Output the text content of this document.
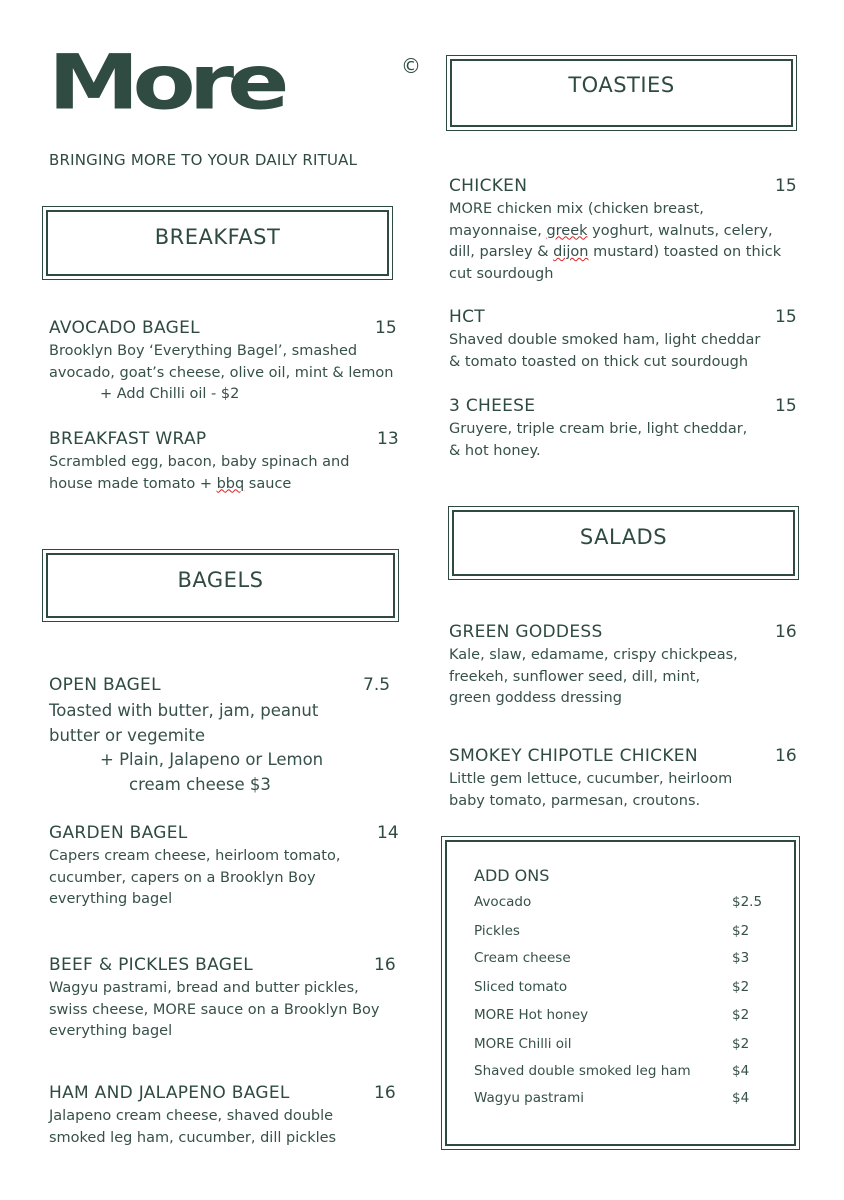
More	©
BRINGING MORE TO YOUR DAILY RITUAL
BREAKFAST
AVOCADO BAGEL	15
Brooklyn Boy ‘Everything Bagel’, smashed
avocado, goat’s cheese, olive oil, mint & lemon
+ Add Chilli oil - $2
BREAKFAST WRAP	13
Scrambled egg, bacon, baby spinach and
house made tomato + bbq sauce
BAGELS
OPEN BAGEL	7.5
Toasted with butter, jam, peanut
butter or vegemite
+ Plain, Jalapeno or Lemon
cream cheese $3
GARDEN BAGEL	14
Capers cream cheese, heirloom tomato,
cucumber, capers on a Brooklyn Boy
everything bagel
BEEF & PICKLES BAGEL	16
Wagyu pastrami, bread and butter pickles,
swiss cheese, MORE sauce on a Brooklyn Boy
everything bagel
HAM AND JALAPENO BAGEL	16
Jalapeno cream cheese, shaved double
smoked leg ham, cucumber, dill pickles
TOASTIES
CHICKEN	15
MORE chicken mix (chicken breast,
mayonnaise, greek yoghurt, walnuts, celery,
dill, parsley & dijon mustard) toasted on thick
cut sourdough
HCT	15
Shaved double smoked ham, light cheddar
& tomato toasted on thick cut sourdough
3 CHEESE	15
Gruyere, triple cream brie, light cheddar,
& hot honey.
SALADS
GREEN GODDESS	16
Kale, slaw, edamame, crispy chickpeas,
freekeh, sunflower seed, dill, mint,
green goddess dressing
SMOKEY CHIPOTLE CHICKEN	16
Little gem lettuce, cucumber, heirloom
baby tomato, parmesan, croutons.
ADD ONS
Avocado	$2.5
Pickles	$2
Cream cheese	$3
Sliced tomato	$2
MORE Hot honey	$2
MORE Chilli oil	$2
Shaved double smoked leg ham	$4
Wagyu pastrami	$4
